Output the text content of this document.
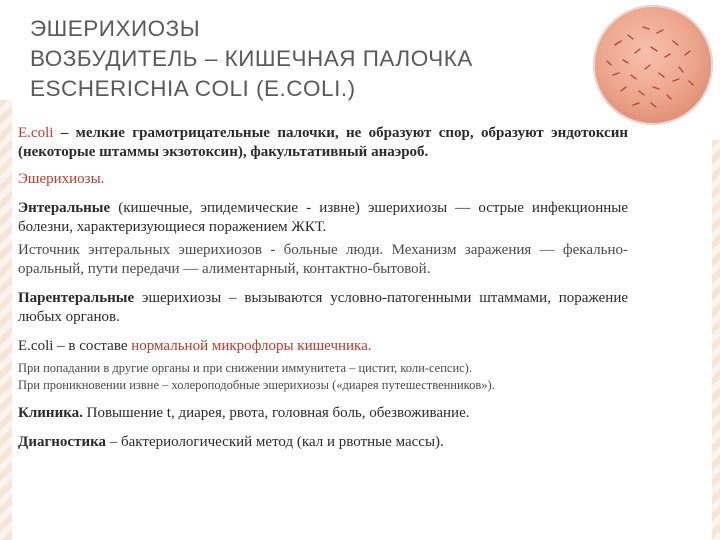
ЭШЕРИХИОЗЫ
ВОЗБУДИТЕЛЬ – КИШЕЧНАЯ ПАЛОЧКА
ESCHERICHIA COLI (E.COLI.)

E.coli – мелкие грамотрицательные палочки, не образуют спор, образуют эндотоксин (некоторые штаммы экзотоксин), факультативный анаэроб.

Эшерихиозы.

Энтеральные (кишечные, эпидемические - извне) эшерихиозы — острые инфекционные болезни, характеризующиеся поражением ЖКТ.

Источник энтеральных эшерихиозов - больные люди. Механизм заражения — фекально-оральный, пути передачи — алиментарный, контактно-бытовой.

Парентеральные эшерихиозы – вызываются условно-патогенными штаммами, поражение любых органов.

E.coli – в составе нормальной микрофлоры кишечника.

При попадании в другие органы и при снижении иммунитета – цистит, коли-сепсис).

При проникновении извне – холероподобные эшерихиозы («диарея путешественников»).

Клиника. Повышение t, диарея, рвота, головная боль, обезвоживание.

Диагностика – бактериологический метод (кал и рвотные массы).
